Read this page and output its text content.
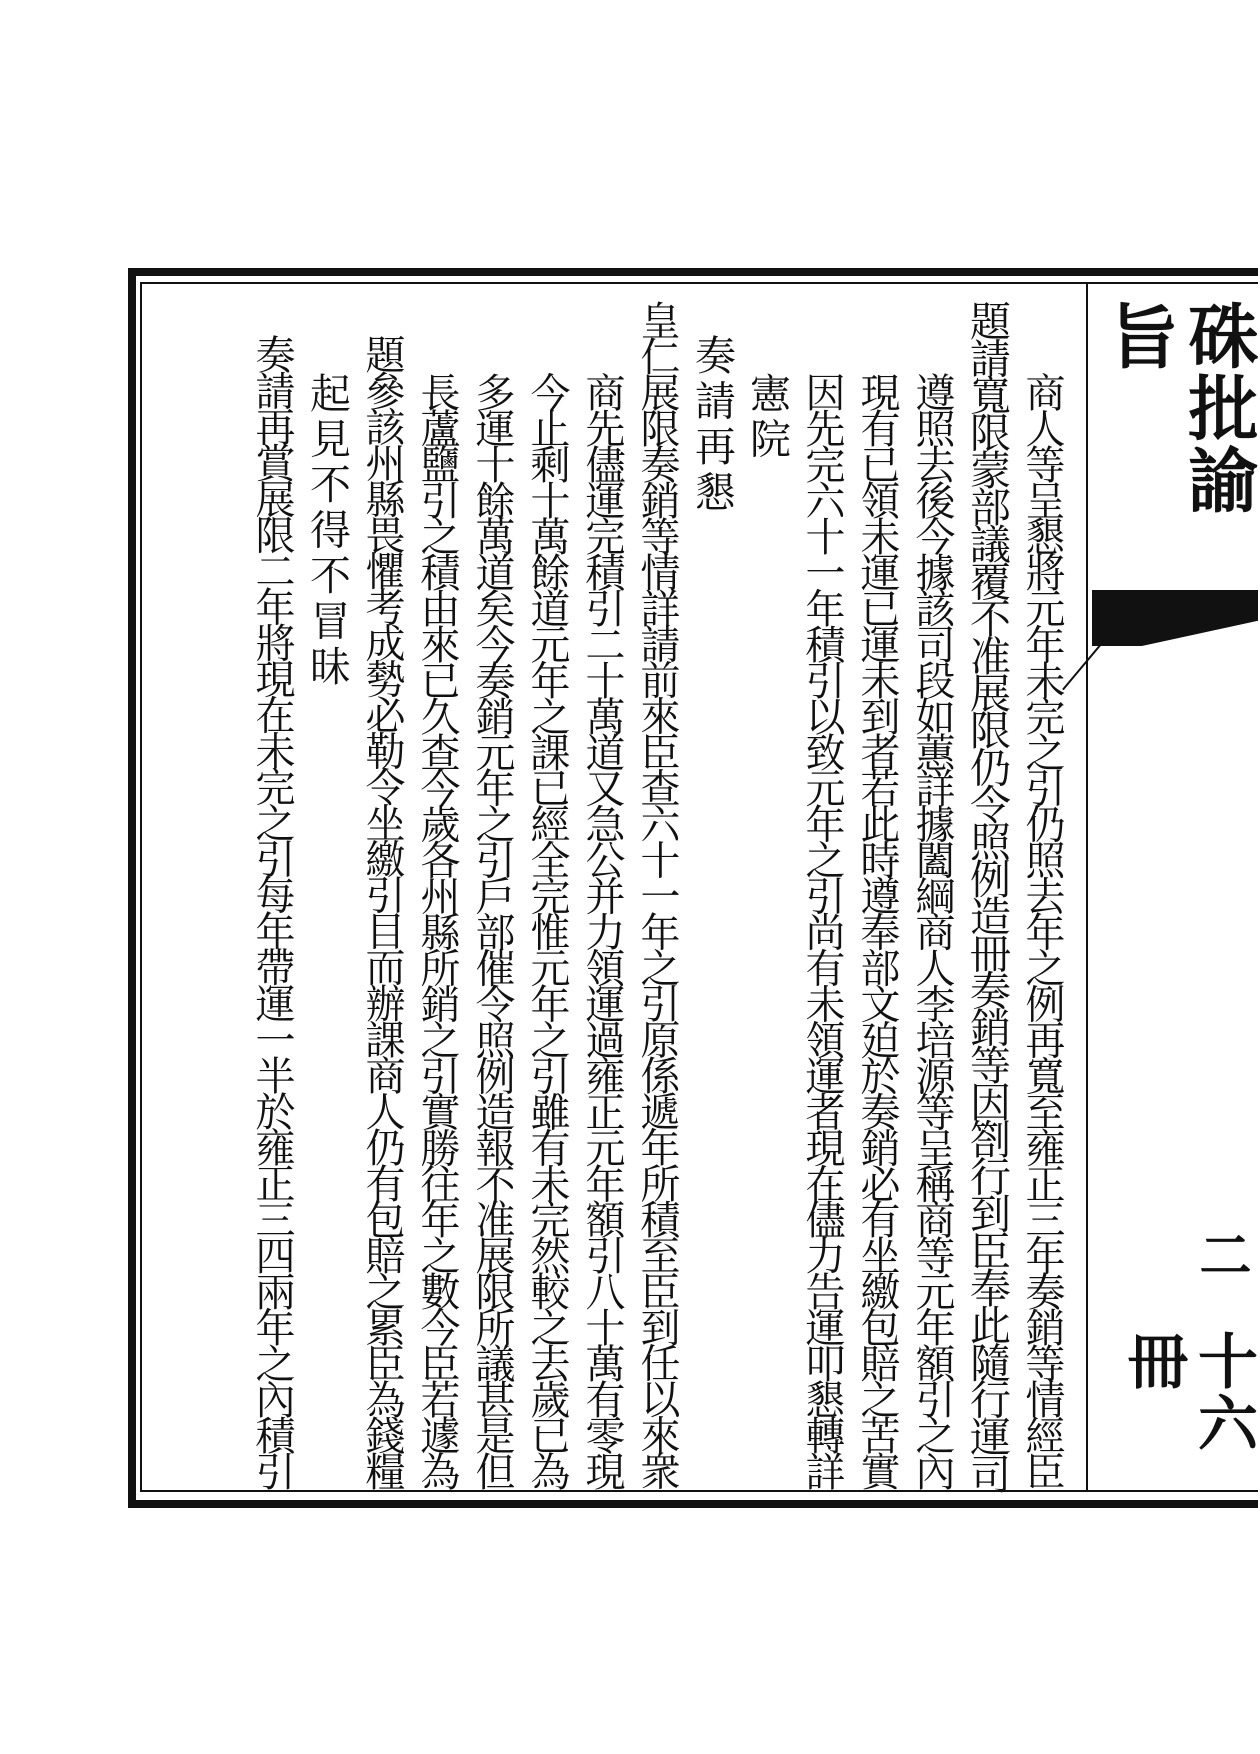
硃批諭旨
二
十六冊
商人等呈懇將元年未完之引仍照去年之例再寬至雍正三年奏銷等情經臣
題請寬限蒙部議覆不准展限仍令照例造冊奏銷等因劄行到臣奉此隨行運司
遵照去後今據該司段如蕙詳據闔綱商人李培源等呈稱商等元年額引之內
現有已領未運已運未到者若此時遵奉部文廹於奏銷必有坐繳包賠之苦實
因先完六十一年積引以致元年之引尚有未領運者現在儘力告運叩懇轉詳
憲院
奏請再懇
皇仁展限奏銷等情詳請前來臣查六十一年之引原係遞年所積至臣到任以來衆
商先儘運完積引二十萬道又急公并力領運過雍正元年額引八十萬有零現
今止剩十萬餘道元年之課已經全完惟元年之引雖有未完然較之去歲已為
多運十餘萬道矣今奏銷元年之引戶部催令照例造報不准展限所議甚是但
長蘆鹽引之積由來已久查今歲各州縣所銷之引實勝往年之數今臣若遽為
題參該州縣畏懼考成勢必勒令坐繳引目而辦課商人仍有包賠之累臣為錢糧
起見不得不冒昧
奏請再賞展限二年將現在未完之引每年帶運一半於雍正三四兩年之內積引
